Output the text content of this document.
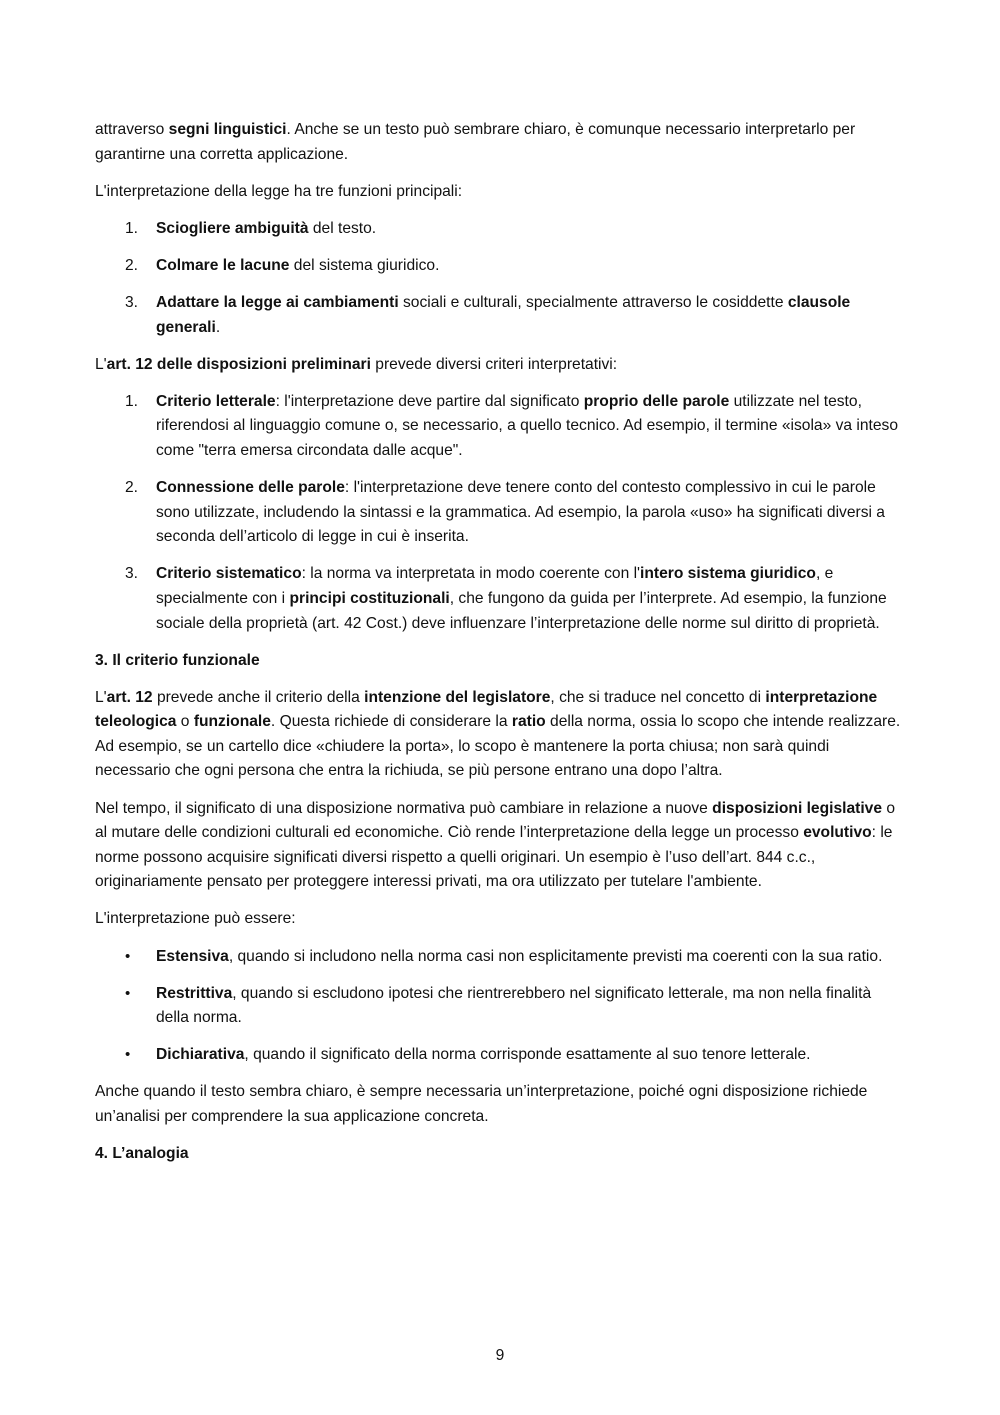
attraverso segni linguistici. Anche se un testo può sembrare chiaro, è comunque necessario interpretarlo per garantirne una corretta applicazione.

L'interpretazione della legge ha tre funzioni principali:

1. Sciogliere ambiguità del testo.
2. Colmare le lacune del sistema giuridico.
3. Adattare la legge ai cambiamenti sociali e culturali, specialmente attraverso le cosiddette clausole generali.

L'art. 12 delle disposizioni preliminari prevede diversi criteri interpretativi:

1. Criterio letterale: l'interpretazione deve partire dal significato proprio delle parole utilizzate nel testo, riferendosi al linguaggio comune o, se necessario, a quello tecnico. Ad esempio, il termine «isola» va inteso come "terra emersa circondata dalle acque".
2. Connessione delle parole: l'interpretazione deve tenere conto del contesto complessivo in cui le parole sono utilizzate, includendo la sintassi e la grammatica. Ad esempio, la parola «uso» ha significati diversi a seconda dell’articolo di legge in cui è inserita.
3. Criterio sistematico: la norma va interpretata in modo coerente con l'intero sistema giuridico, e specialmente con i principi costituzionali, che fungono da guida per l’interprete. Ad esempio, la funzione sociale della proprietà (art. 42 Cost.) deve influenzare l’interpretazione delle norme sul diritto di proprietà.

3. Il criterio funzionale

L'art. 12 prevede anche il criterio della intenzione del legislatore, che si traduce nel concetto di interpretazione teleologica o funzionale. Questa richiede di considerare la ratio della norma, ossia lo scopo che intende realizzare. Ad esempio, se un cartello dice «chiudere la porta», lo scopo è mantenere la porta chiusa; non sarà quindi necessario che ogni persona che entra la richiuda, se più persone entrano una dopo l’altra.

Nel tempo, il significato di una disposizione normativa può cambiare in relazione a nuove disposizioni legislative o al mutare delle condizioni culturali ed economiche. Ciò rende l’interpretazione della legge un processo evolutivo: le norme possono acquisire significati diversi rispetto a quelli originari. Un esempio è l’uso dell’art. 844 c.c., originariamente pensato per proteggere interessi privati, ma ora utilizzato per tutelare l'ambiente.

L'interpretazione può essere:

• Estensiva, quando si includono nella norma casi non esplicitamente previsti ma coerenti con la sua ratio.
• Restrittiva, quando si escludono ipotesi che rientrerebbero nel significato letterale, ma non nella finalità della norma.
• Dichiarativa, quando il significato della norma corrisponde esattamente al suo tenore letterale.

Anche quando il testo sembra chiaro, è sempre necessaria un’interpretazione, poiché ogni disposizione richiede un’analisi per comprendere la sua applicazione concreta.

4. L’analogia

9
